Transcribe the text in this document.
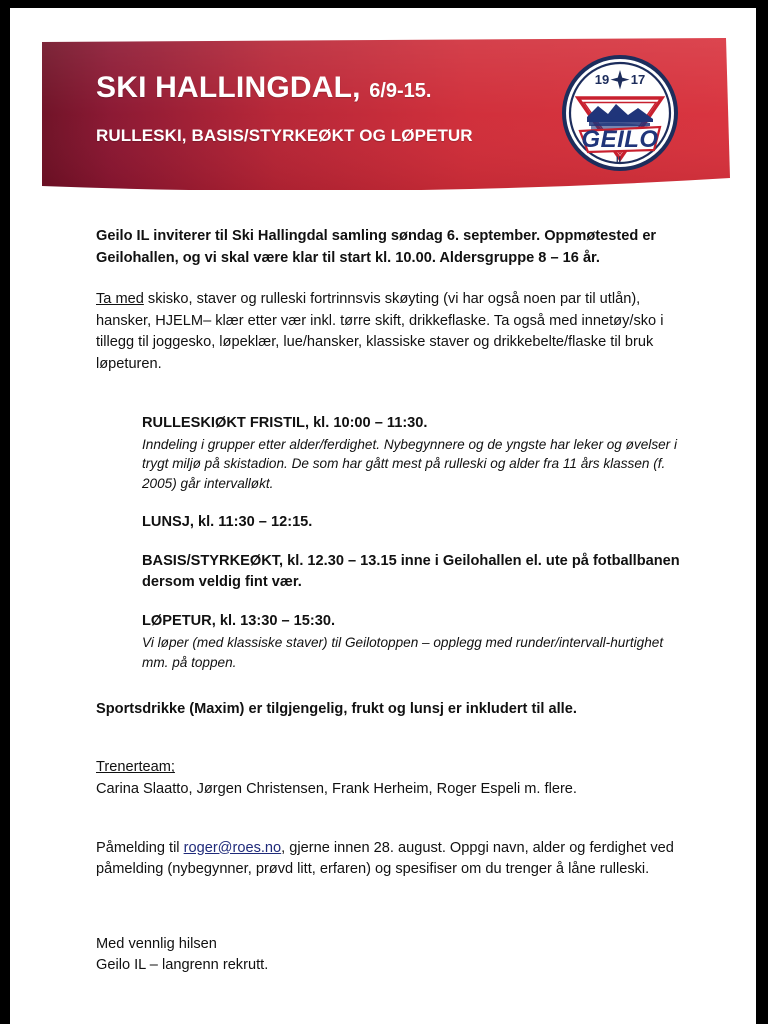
SKI HALLINGDAL, 6/9-15.
RULLESKI, BASIS/STYRKEØKT OG LØPETUR
19 17
GEILO
IL

Geilo IL inviterer til Ski Hallingdal samling søndag 6. september. Oppmøtested er Geilohallen, og vi skal være klar til start kl. 10.00. Aldersgruppe 8 – 16 år.

Ta med skisko, staver og rulleski fortrinnsvis skøyting (vi har også noen par til utlån), hansker, HJELM– klær etter vær inkl. tørre skift, drikkeflaske. Ta også med innetøy/sko i tillegg til joggesko, løpeklær, lue/hansker, klassiske staver og drikkebelte/flaske til bruk løpeturen.

RULLESKIØKT FRISTIL, kl. 10:00 – 11:30.

Inndeling i grupper etter alder/ferdighet. Nybegynnere og de yngste har leker og øvelser i trygt miljø på skistadion. De som har gått mest på rulleski og alder fra 11 års klassen (f. 2005) går intervalløkt.

LUNSJ, kl. 11:30 – 12:15.

BASIS/STYRKEØKT, kl. 12.30 – 13.15 inne i Geilohallen el. ute på fotballbanen dersom veldig fint vær.

LØPETUR, kl. 13:30 – 15:30.

Vi løper (med klassiske staver) til Geilotoppen – opplegg med runder/intervall-hurtighet mm. på toppen.

Sportsdrikke (Maxim) er tilgjengelig, frukt og lunsj er inkludert til alle.

Trenerteam;

Carina Slaatto, Jørgen Christensen, Frank Herheim, Roger Espeli m. flere.

Påmelding til roger@roes.no, gjerne innen 28. august. Oppgi navn, alder og ferdighet ved påmelding (nybegynner, prøvd litt, erfaren) og spesifiser om du trenger å låne rulleski.

Med vennlig hilsen

Geilo IL – langrenn rekrutt.
